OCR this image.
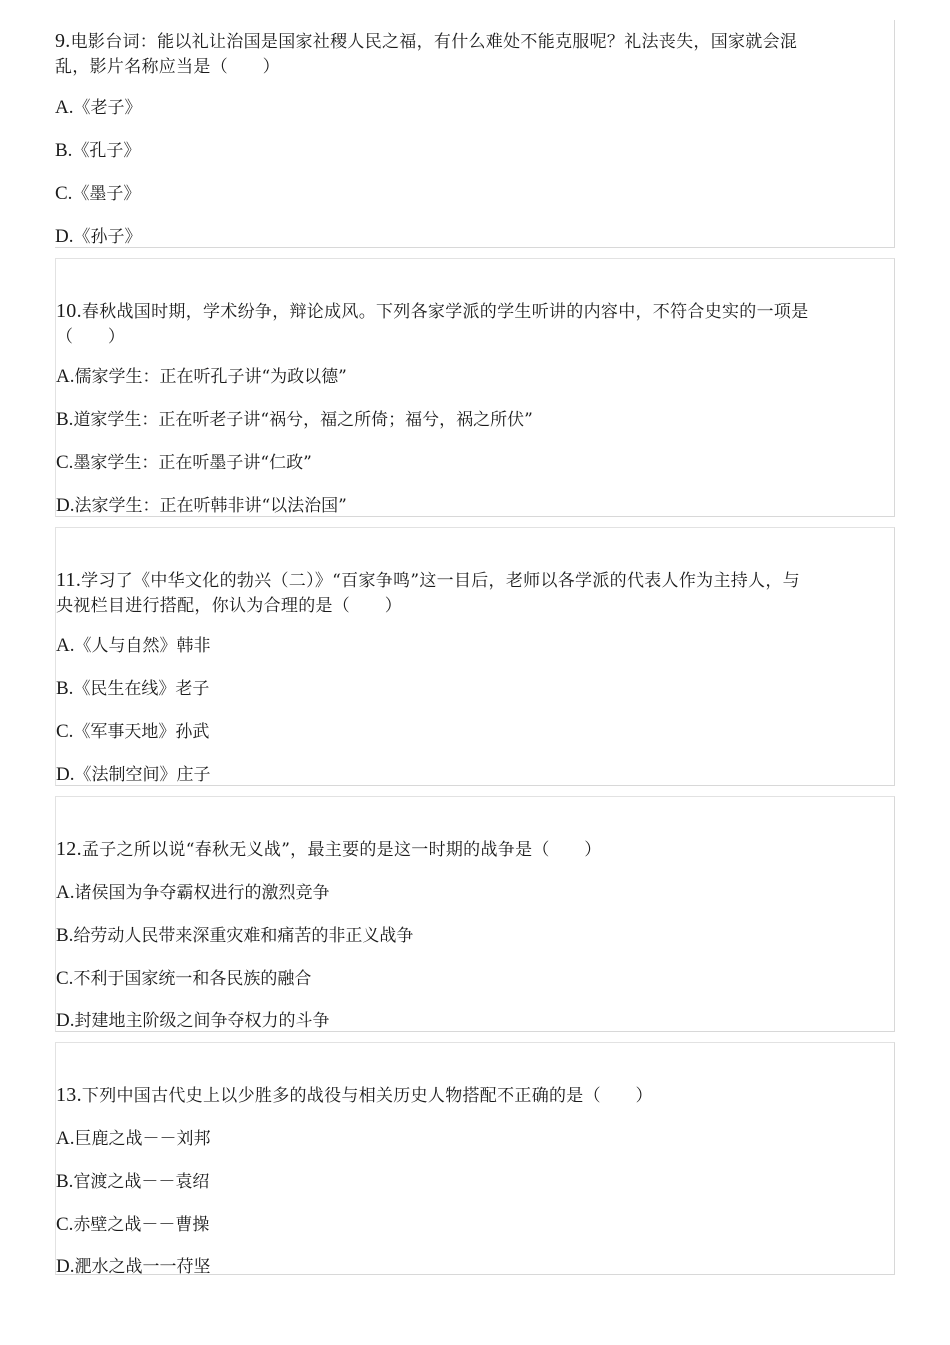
9.电影台词：能以礼让治国是国家社稷人民之福，有什么难处不能克服呢？礼法丧失，国家就会混
乱，影片名称应当是（　　）

A.《老子》

B.《孔子》

C.《墨子》

D.《孙子》

10.春秋战国时期，学术纷争，辩论成风。下列各家学派的学生听讲的内容中，不符合史实的一项是
（　　）

A.儒家学生：正在听孔子讲“为政以德”

B.道家学生：正在听老子讲“祸兮，福之所倚；福兮，祸之所伏”

C.墨家学生：正在听墨子讲“仁政”

D.法家学生：正在听韩非讲“以法治国”

11.学习了《中华文化的勃兴（二）》“百家争鸣”这一目后，老师以各学派的代表人作为主持人，与
央视栏目进行搭配，你认为合理的是（　　）

A.《人与自然》韩非

B.《民生在线》老子

C.《军事天地》孙武

D.《法制空间》庄子

12.孟子之所以说“春秋无义战”，最主要的是这一时期的战争是（　　）

A.诸侯国为争夺霸权进行的激烈竞争

B.给劳动人民带来深重灾难和痛苦的非正义战争

C.不利于国家统一和各民族的融合

D.封建地主阶级之间争夺权力的斗争

13.下列中国古代史上以少胜多的战役与相关历史人物搭配不正确的是（　　）

A.巨鹿之战－－刘邦

B.官渡之战－－袁绍

C.赤壁之战－－曹操

D.淝水之战一一苻坚
